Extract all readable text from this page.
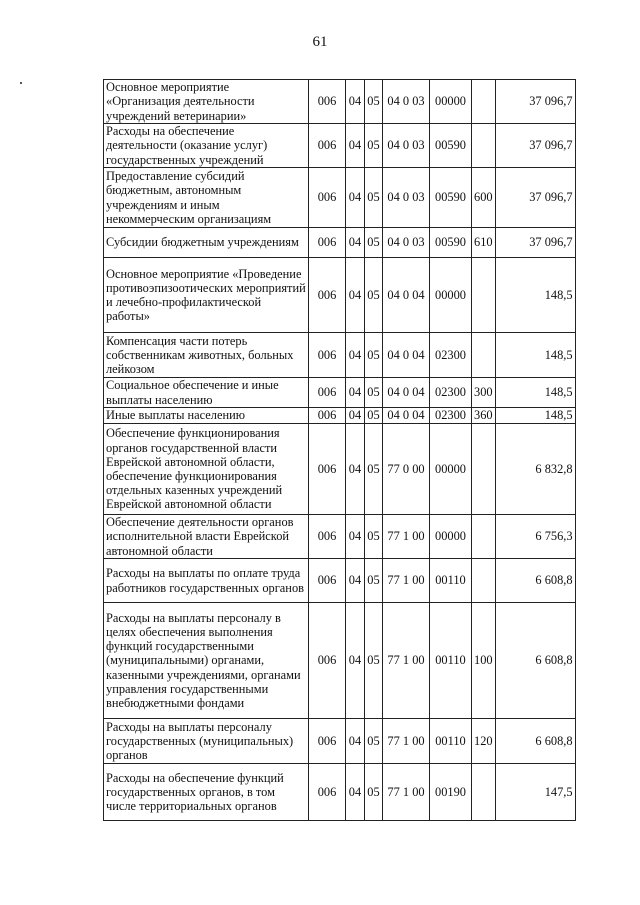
61
Основное мероприятие «Организация деятельности учреждений ветеринарии»	006	04	05	04 0 03	00000		37 096,7
Расходы на обеспечение деятельности (оказание услуг) государственных учреждений	006	04	05	04 0 03	00590		37 096,7
Предоставление субсидий бюджетным, автономным учреждениям и иным некоммерческим организациям	006	04	05	04 0 03	00590	600	37 096,7
Субсидии бюджетным учреждениям	006	04	05	04 0 03	00590	610	37 096,7
Основное мероприятие «Проведение противоэпизоотических мероприятий и лечебно-профилактической работы»	006	04	05	04 0 04	00000		148,5
Компенсация части потерь собственникам животных, больных лейкозом	006	04	05	04 0 04	02300		148,5
Социальное обеспечение и иные выплаты населению	006	04	05	04 0 04	02300	300	148,5
Иные выплаты населению	006	04	05	04 0 04	02300	360	148,5
Обеспечение функционирования органов государственной власти Еврейской автономной области, обеспечение функционирования отдельных казенных учреждений Еврейской автономной области	006	04	05	77 0 00	00000		6 832,8
Обеспечение деятельности органов исполнительной власти Еврейской автономной области	006	04	05	77 1 00	00000		6 756,3
Расходы на выплаты по оплате труда работников государственных органов	006	04	05	77 1 00	00110		6 608,8
Расходы на выплаты персоналу в целях обеспечения выполнения функций государственными (муниципальными) органами, казенными учреждениями, органами управления государственными внебюджетными фондами	006	04	05	77 1 00	00110	100	6 608,8
Расходы на выплаты персоналу государственных (муниципальных) органов	006	04	05	77 1 00	00110	120	6 608,8
Расходы на обеспечение функций государственных органов, в том числе территориальных органов	006	04	05	77 1 00	00190		147,5
